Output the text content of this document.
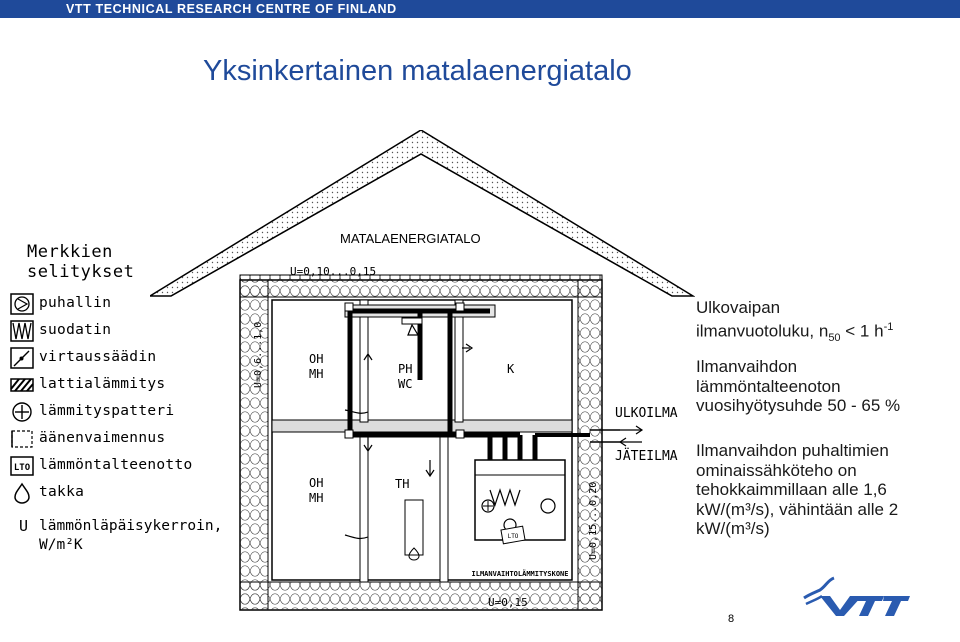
VTT TECHNICAL RESEARCH CENTRE OF FINLAND
Yksinkertainen matalaenergiatalo
Merkkien
selitykset
puhallin
suodatin
virtaussäädin
lattialämmitys
lämmityspatteri
äänenvaimennus
LTO lämmöntalteenotto
takka
U lämmönläpäisykerroin,
W/m²K
LTO
ILMANVAIHTOLÄMMITYSKONE
OH
MH	PH
WC
K
OH
MH
TH
ULKOILMA
JÄTEILMA
U=0,10...0,15
U=0,15
U=0,6...1,0
U=0,15...0,20
MATALAENERGIATALO
Ulkovaipan
ilmanvuotoluku, $n_{50} < 1$ $h^{-1}$
Ilmanvaihdon
lämmöntalteenoton
vuosihyötysuhde 50 - 65 %
Ilmanvaihdon puhaltimien
ominaissähköteho on
tehokkaimmillaan alle 1,6
kW/(m³/s), vähintään alle 2
kW/(m³/s)
8
